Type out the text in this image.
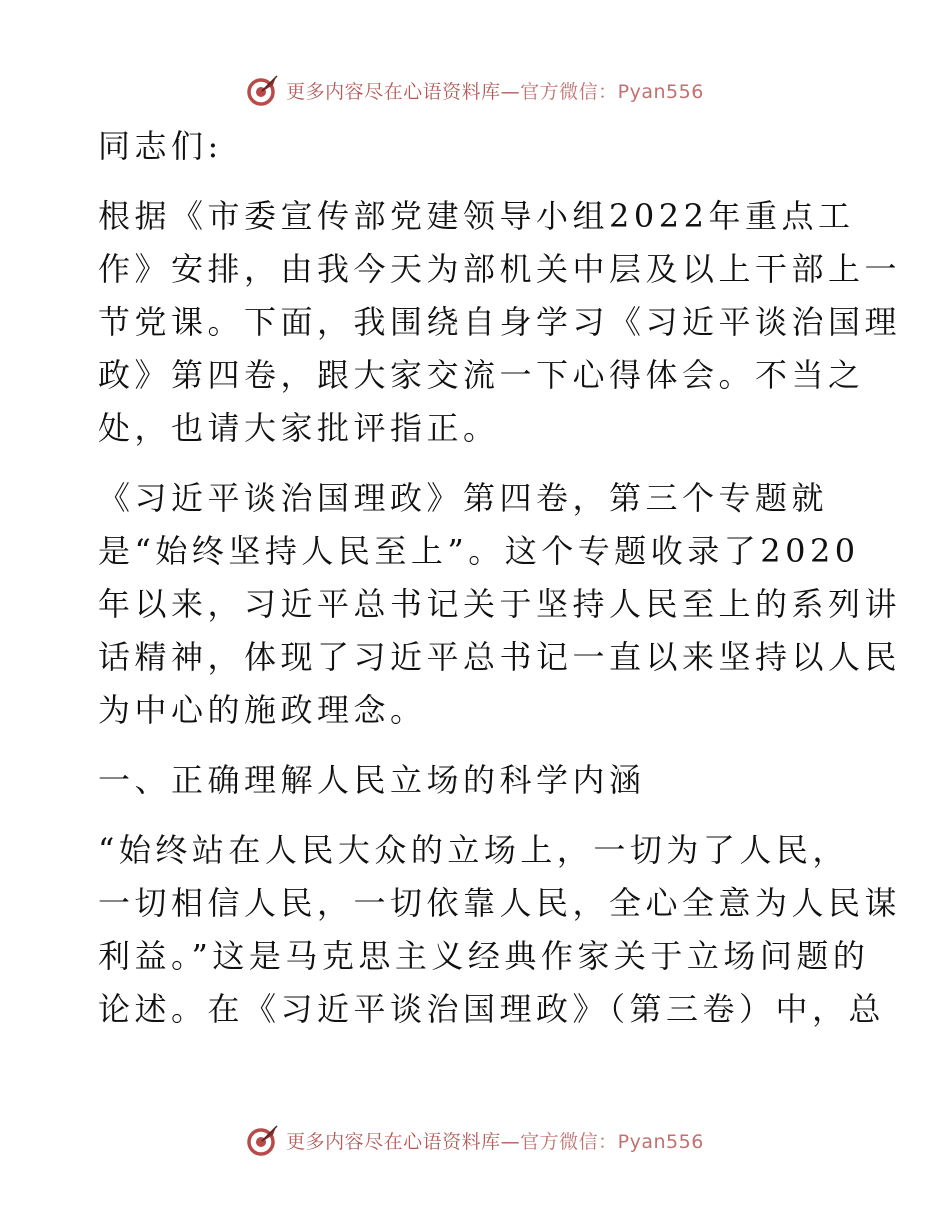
更多内容尽在心语资料库—官方微信：Pyan556
同志们:
根据《市委宣传部党建领导小组2022年重点工
作》安排，由我今天为部机关中层及以上干部上一
节党课。下面，我围绕自身学习《习近平谈治国理
政》第四卷，跟大家交流一下心得体会。不当之
处，也请大家批评指正。
《习近平谈治国理政》第四卷，第三个专题就
是“始终坚持人民至上”。这个专题收录了2020
年以来，习近平总书记关于坚持人民至上的系列讲
话精神，体现了习近平总书记一直以来坚持以人民
为中心的施政理念。
一、正确理解人民立场的科学内涵
“始终站在人民大众的立场上，一切为了人民，
一切相信人民，一切依靠人民，全心全意为人民谋
利益。”这是马克思主义经典作家关于立场问题的
论述。在《习近平谈治国理政》（第三卷）中，总
更多内容尽在心语资料库—官方微信：Pyan556
